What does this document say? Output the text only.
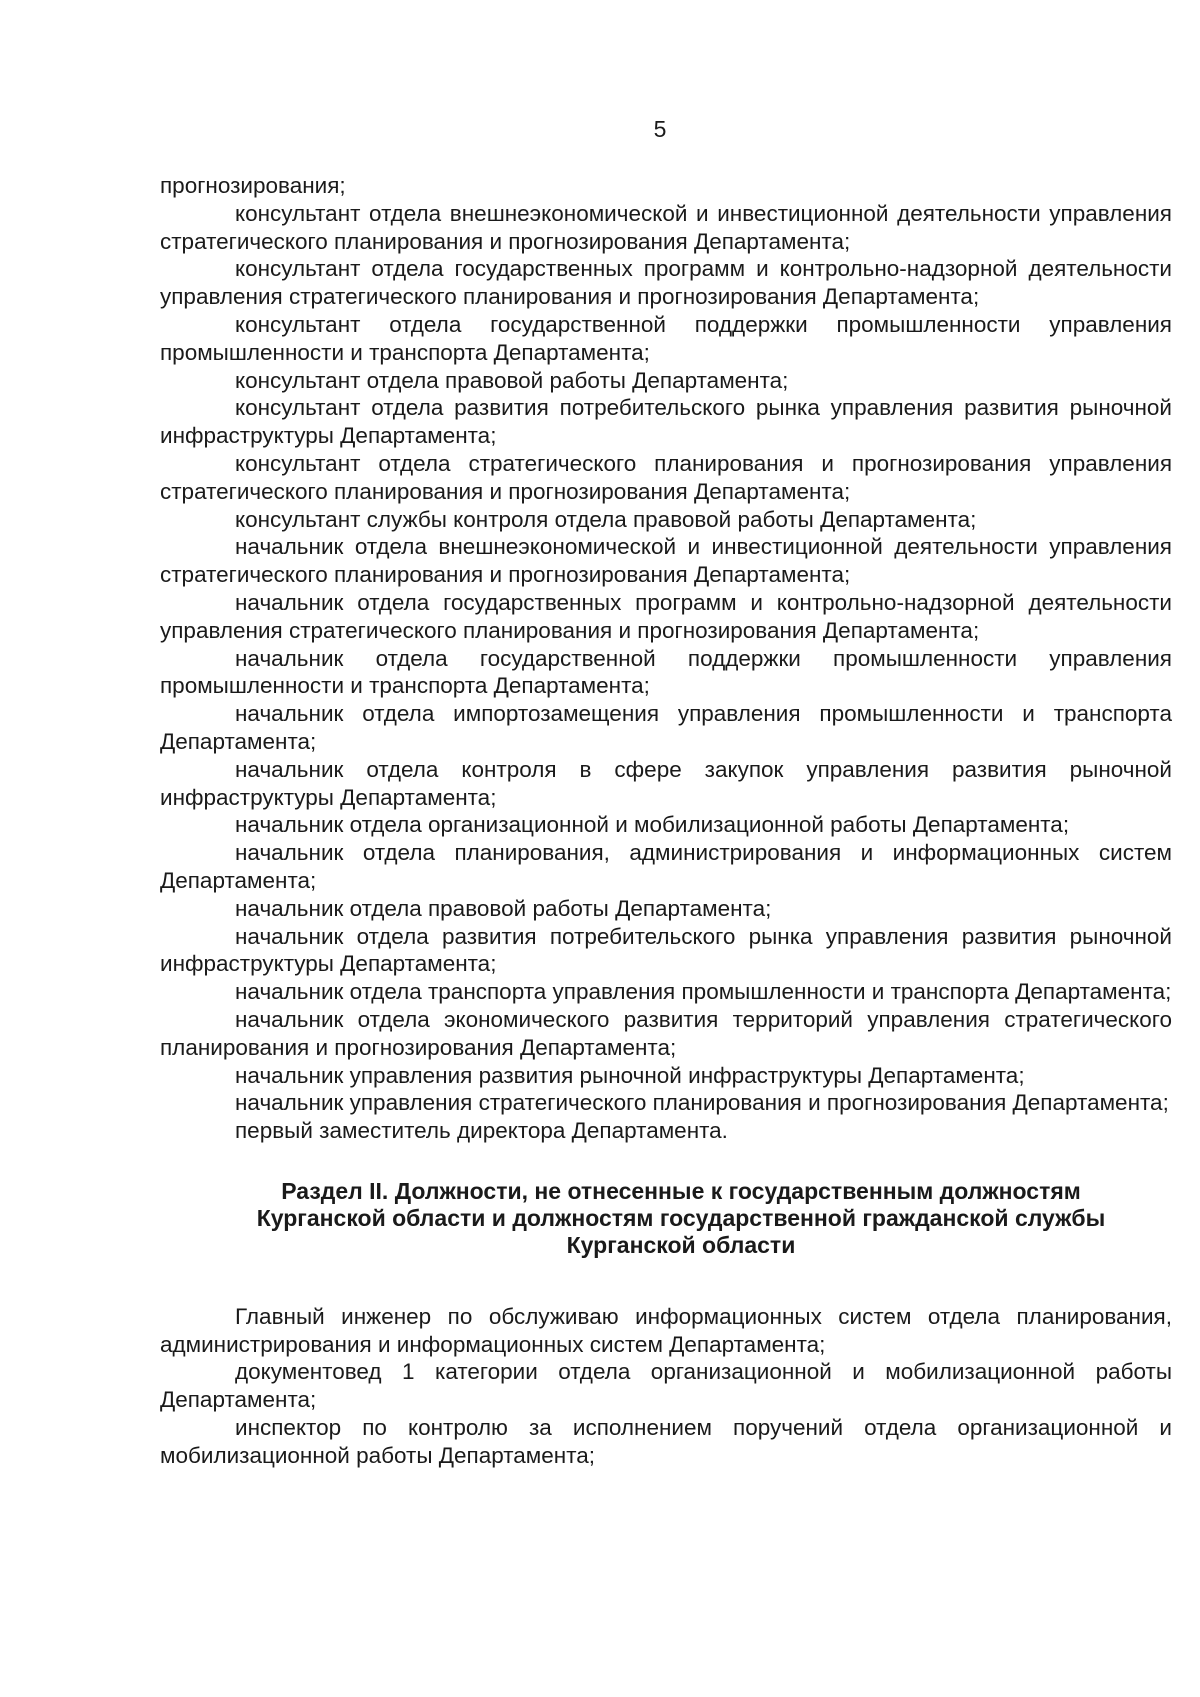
5

прогнозирования;

консультант отдела внешнеэкономической и инвестиционной деятельности управления стратегического планирования и прогнозирования Департамента;

консультант отдела государственных программ и контрольно-надзорной деятельности управления стратегического планирования и прогнозирования Департамента;

консультант отдела государственной поддержки промышленности управления промышленности и транспорта Департамента;

консультант отдела правовой работы Департамента;

консультант отдела развития потребительского рынка управления развития рыночной инфраструктуры Департамента;

консультант отдела стратегического планирования и прогнозирования управления стратегического планирования и прогнозирования Департамента;

консультант службы контроля отдела правовой работы Департамента;

начальник отдела внешнеэкономической и инвестиционной деятельности управления стратегического планирования и прогнозирования Департамента;

начальник отдела государственных программ и контрольно-надзорной деятельности управления стратегического планирования и прогнозирования Департамента;

начальник отдела государственной поддержки промышленности управления промышленности и транспорта Департамента;

начальник отдела импортозамещения управления промышленности и транспорта Департамента;

начальник отдела контроля в сфере закупок управления развития рыночной инфраструктуры Департамента;

начальник отдела организационной и мобилизационной работы Департамента;

начальник отдела планирования, администрирования и информационных систем Департамента;

начальник отдела правовой работы Департамента;

начальник отдела развития потребительского рынка управления развития рыночной инфраструктуры Департамента;

начальник отдела транспорта управления промышленности и транспорта Департамента;

начальник отдела экономического развития территорий управления стратегического планирования и прогнозирования Департамента;

начальник управления развития рыночной инфраструктуры Департамента;

начальник управления стратегического планирования и прогнозирования Департамента;

первый заместитель директора Департамента.

Раздел II. Должности, не отнесенные к государственным должностям
Курганской области и должностям государственной гражданской службы
Курганской области

Главный инженер по обслуживаю информационных систем отдела планирования, администрирования и информационных систем Департамента;

документовед 1 категории отдела организационной и мобилизационной работы Департамента;

инспектор по контролю за исполнением поручений отдела организационной и мобилизационной работы Департамента;
